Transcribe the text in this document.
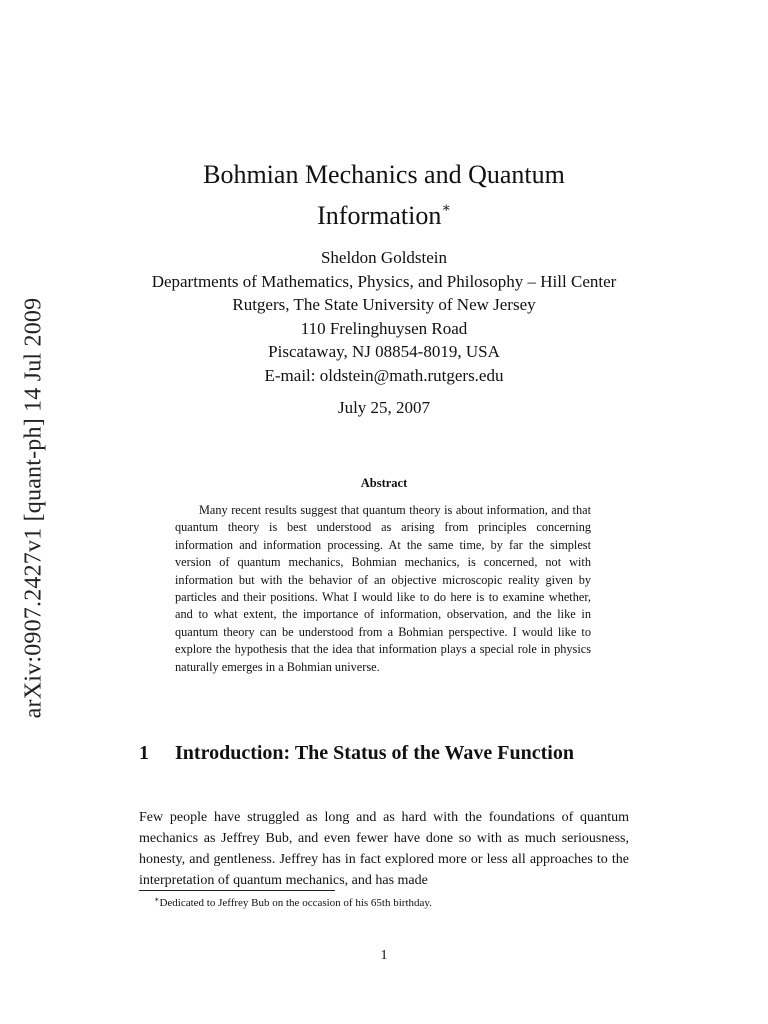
arXiv:0907.2427v1 [quant-ph] 14 Jul 2009
Bohmian Mechanics and Quantum
Information∗
Sheldon Goldstein
Departments of Mathematics, Physics, and Philosophy – Hill Center
Rutgers, The State University of New Jersey
110 Frelinghuysen Road
Piscataway, NJ 08854-8019, USA
E-mail: oldstein@math.rutgers.edu
July 25, 2007
Abstract
Many recent results suggest that quantum theory is about information, and that quantum theory is best understood as arising from principles concerning information and information processing. At the same time, by far the simplest version of quantum mechanics, Bohmian mechanics, is concerned, not with information but with the behavior of an objective microscopic reality given by particles and their positions. What I would like to do here is to examine whether, and to what extent, the importance of information, observation, and the like in quantum theory can be understood from a Bohmian perspective. I would like to explore the hypothesis that the idea that information plays a special role in physics naturally emerges in a Bohmian universe.
1 Introduction: The Status of the Wave Function
Few people have struggled as long and as hard with the foundations of quantum mechanics as Jeffrey Bub, and even fewer have done so with as much seriousness, honesty, and gentleness. Jeffrey has in fact explored more or less all approaches to the interpretation of quantum mechanics, and has made
∗Dedicated to Jeffrey Bub on the occasion of his 65th birthday.
1
